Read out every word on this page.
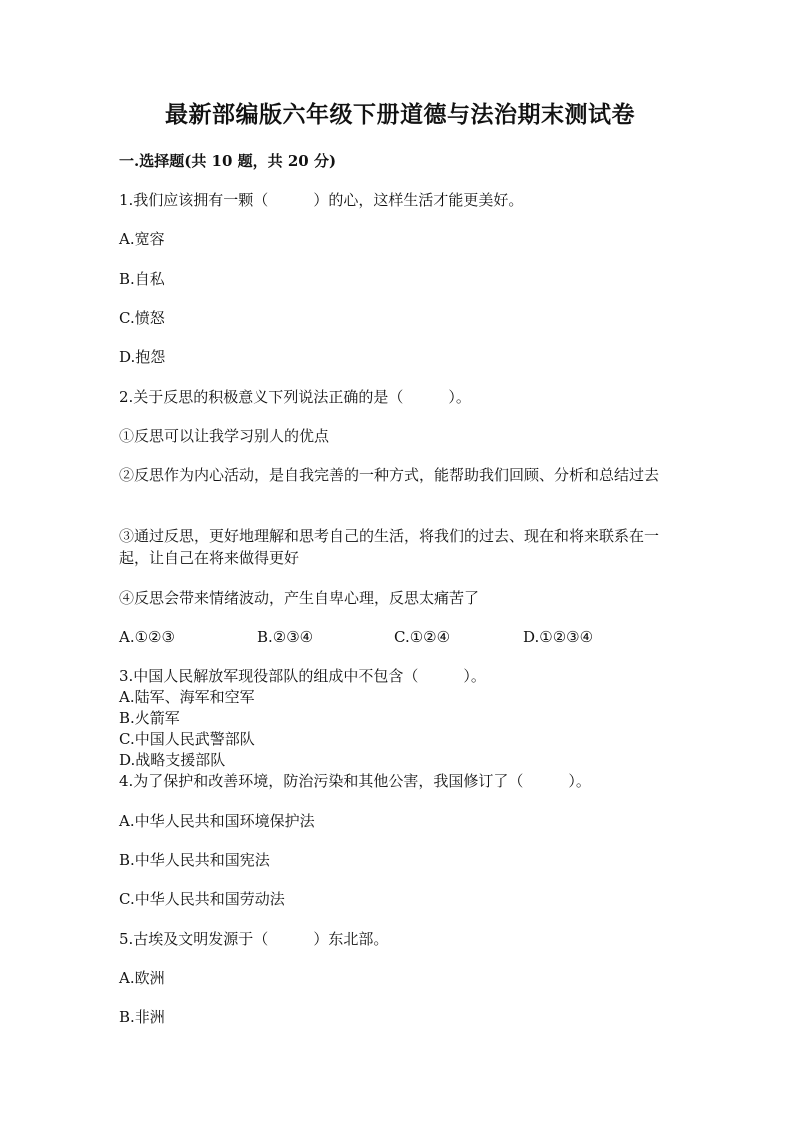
最新部编版六年级下册道德与法治期末测试卷
一.选择题(共 10 题，共 20 分)
1.我们应该拥有一颗（　　　）的心，这样生活才能更美好。
A.宽容
B.自私
C.愤怒
D.抱怨
2.关于反思的积极意义下列说法正确的是（　　　）。
①反思可以让我学习别人的优点
②反思作为内心活动，是自我完善的一种方式，能帮助我们回顾、分析和总结过去
③通过反思，更好地理解和思考自己的生活，将我们的过去、现在和将来联系在一起，让自己在将来做得更好
④反思会带来情绪波动，产生自卑心理，反思太痛苦了
A.①②③	B.②③④	C.①②④	D.①②③④
3.中国人民解放军现役部队的组成中不包含（　　　）。
A.陆军、海军和空军
B.火箭军
C.中国人民武警部队
D.战略支援部队
4.为了保护和改善环境，防治污染和其他公害，我国修订了（　　　）。
A.中华人民共和国环境保护法
B.中华人民共和国宪法
C.中华人民共和国劳动法
5.古埃及文明发源于（　　　）东北部。
A.欧洲
B.非洲
